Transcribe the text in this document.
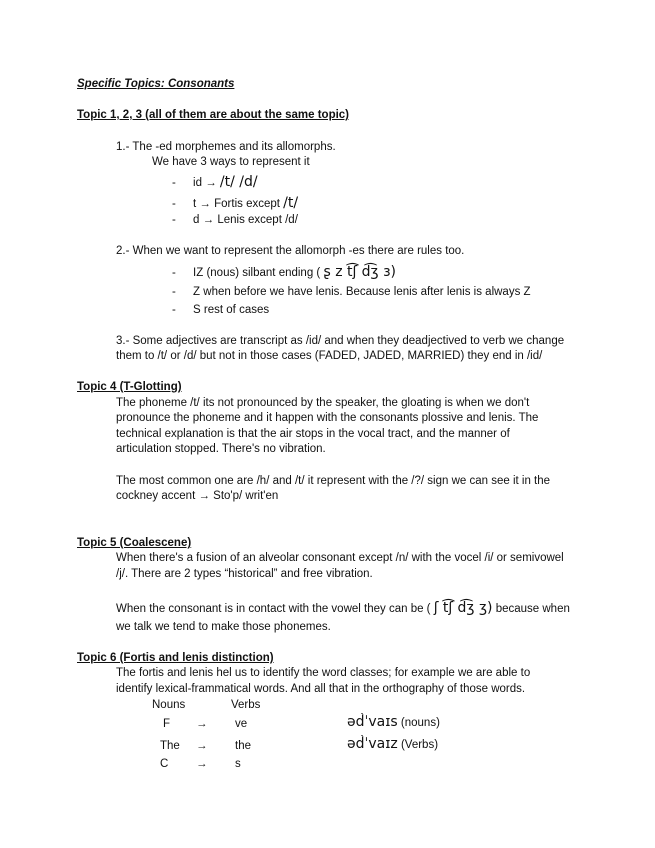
Specific Topics: Consonants
Topic 1, 2, 3 (all of them are about the same topic)
1.- The -ed morphemes and its allomorphs.
We have 3 ways to represent it
- id → /t/ /d/
- t → Fortis except /t/
- d → Lenis except /d/
2.- When we want to represent the allomorph -es there are rules too.
- IZ (nous) silbant ending ( ʂ z t͡ʃ d͡ʒ ɜ)
- Z when before we have lenis. Because lenis after lenis is always Z
- S rest of cases
3.- Some adjectives are transcript as /id/ and when they deadjectived to verb we change
them to /t/ or /d/ but not in those cases (FADED, JADED, MARRIED) they end in /id/
Topic 4 (T-Glotting)
The phoneme /t/ its not pronounced by the speaker, the gloating is when we don't
pronounce the phoneme and it happen with the consonants plossive and lenis. The
technical explanation is that the air stops in the vocal tract, and the manner of
articulation stopped. There's no vibration.
The most common one are /h/ and /t/ it represent with the /?/ sign we can see it in the
cockney accent → Sto'p/ writ'en
Topic 5 (Coalescene)
When there's a fusion of an alveolar consonant except /n/ with the vocel /i/ or semivowel
/j/. There are 2 types “historical” and free vibration.
When the consonant is in contact with the vowel they can be ( ʃ t͡ʃ d͡ʒ ʒ) because when
we talk we tend to make those phonemes.
Topic 6 (Fortis and lenis distinction)
The fortis and lenis hel us to identify the word classes; for example we are able to
identify lexical-frammatical words. And all that in the orthography of those words.
Nouns	Verbs
F → ve	əd̀ˈvaɪs (nouns)
The → the	əd̀ˈvaɪz (Verbs)
C → s
